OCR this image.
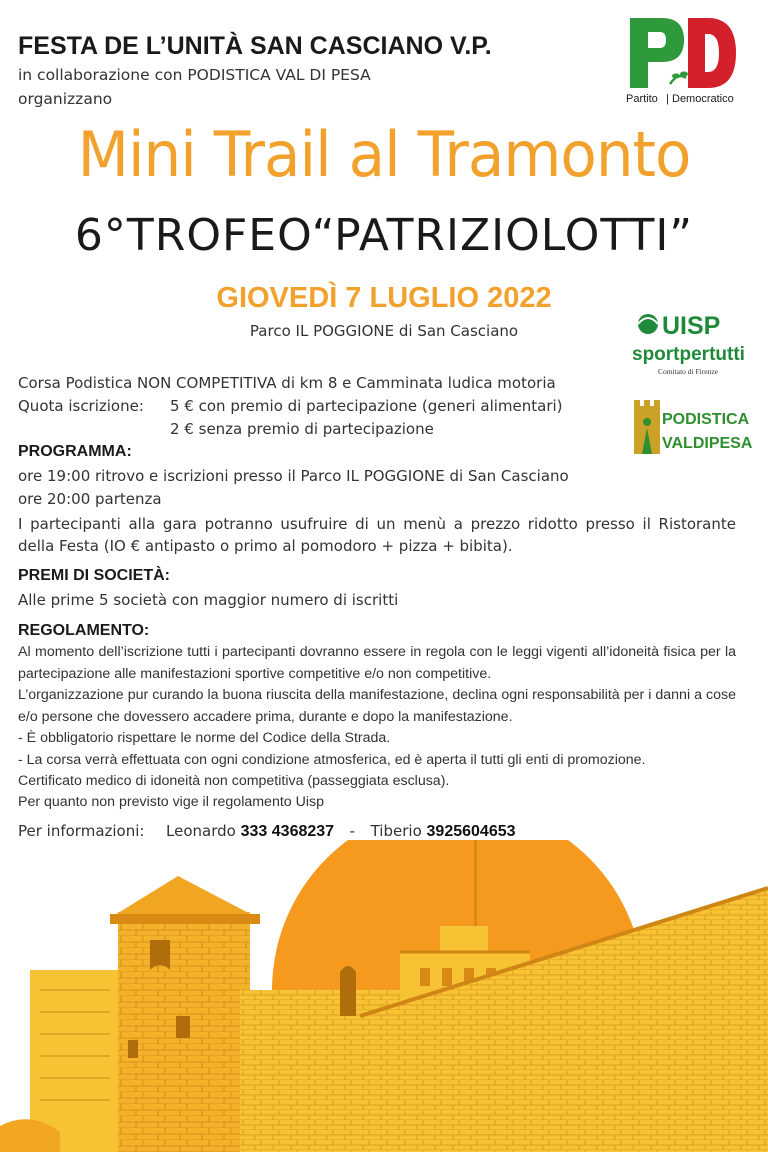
FESTA DE L’UNITÀ SAN CASCIANO V.P.
in collaborazione con PODISTICA VAL DI PESA
organizzano	Partito | Democratico
Mini Trail al Tramonto
6°TROFEO“PATRIZIOLOTTI”
GIOVEDÌ 7 LUGLIO 2022
Parco IL POGGIONE di San Casciano	UISP
sportpertutti
Comitato di Firenze
PODISTICA
VALDIPESA
Corsa Podistica NON COMPETITIVA di km 8 e Camminata ludica motoria
Quota iscrizione: 5 € con premio di partecipazione (generi alimentari)
2 € senza premio di partecipazione
PROGRAMMA:
ore 19:00 ritrovo e iscrizioni presso il Parco IL POGGIONE di San Casciano
ore 20:00 partenza
I partecipanti alla gara potranno usufruire di un menù a prezzo ridotto presso il Ristorante della Festa (IO € antipasto o primo al pomodoro + pizza + bibita).
PREMI DI SOCIETÀ:
Alle prime 5 società con maggior numero di iscritti
REGOLAMENTO:
Al momento dell’iscrizione tutti i partecipanti dovranno essere in regola con le leggi vigenti all’idoneità fisica per la partecipazione alle manifestazioni sportive competitive e/o non competitive.
L’organizzazione pur curando la buona riuscita della manifestazione, declina ogni responsabilità per i danni a cose e/o persone che dovessero accadere prima, durante e dopo la manifestazione.
- È obbligatorio rispettare le norme del Codice della Strada.
- La corsa verrà effettuata con ogni condizione atmosferica, ed è aperta il tutti gli enti di promozione.
Certificato medico di idoneità non competitiva (passeggiata esclusa).
Per quanto non previsto vige il regolamento Uisp
Per informazioni: Leonardo 333 4368237 - Tiberio 3925604653
